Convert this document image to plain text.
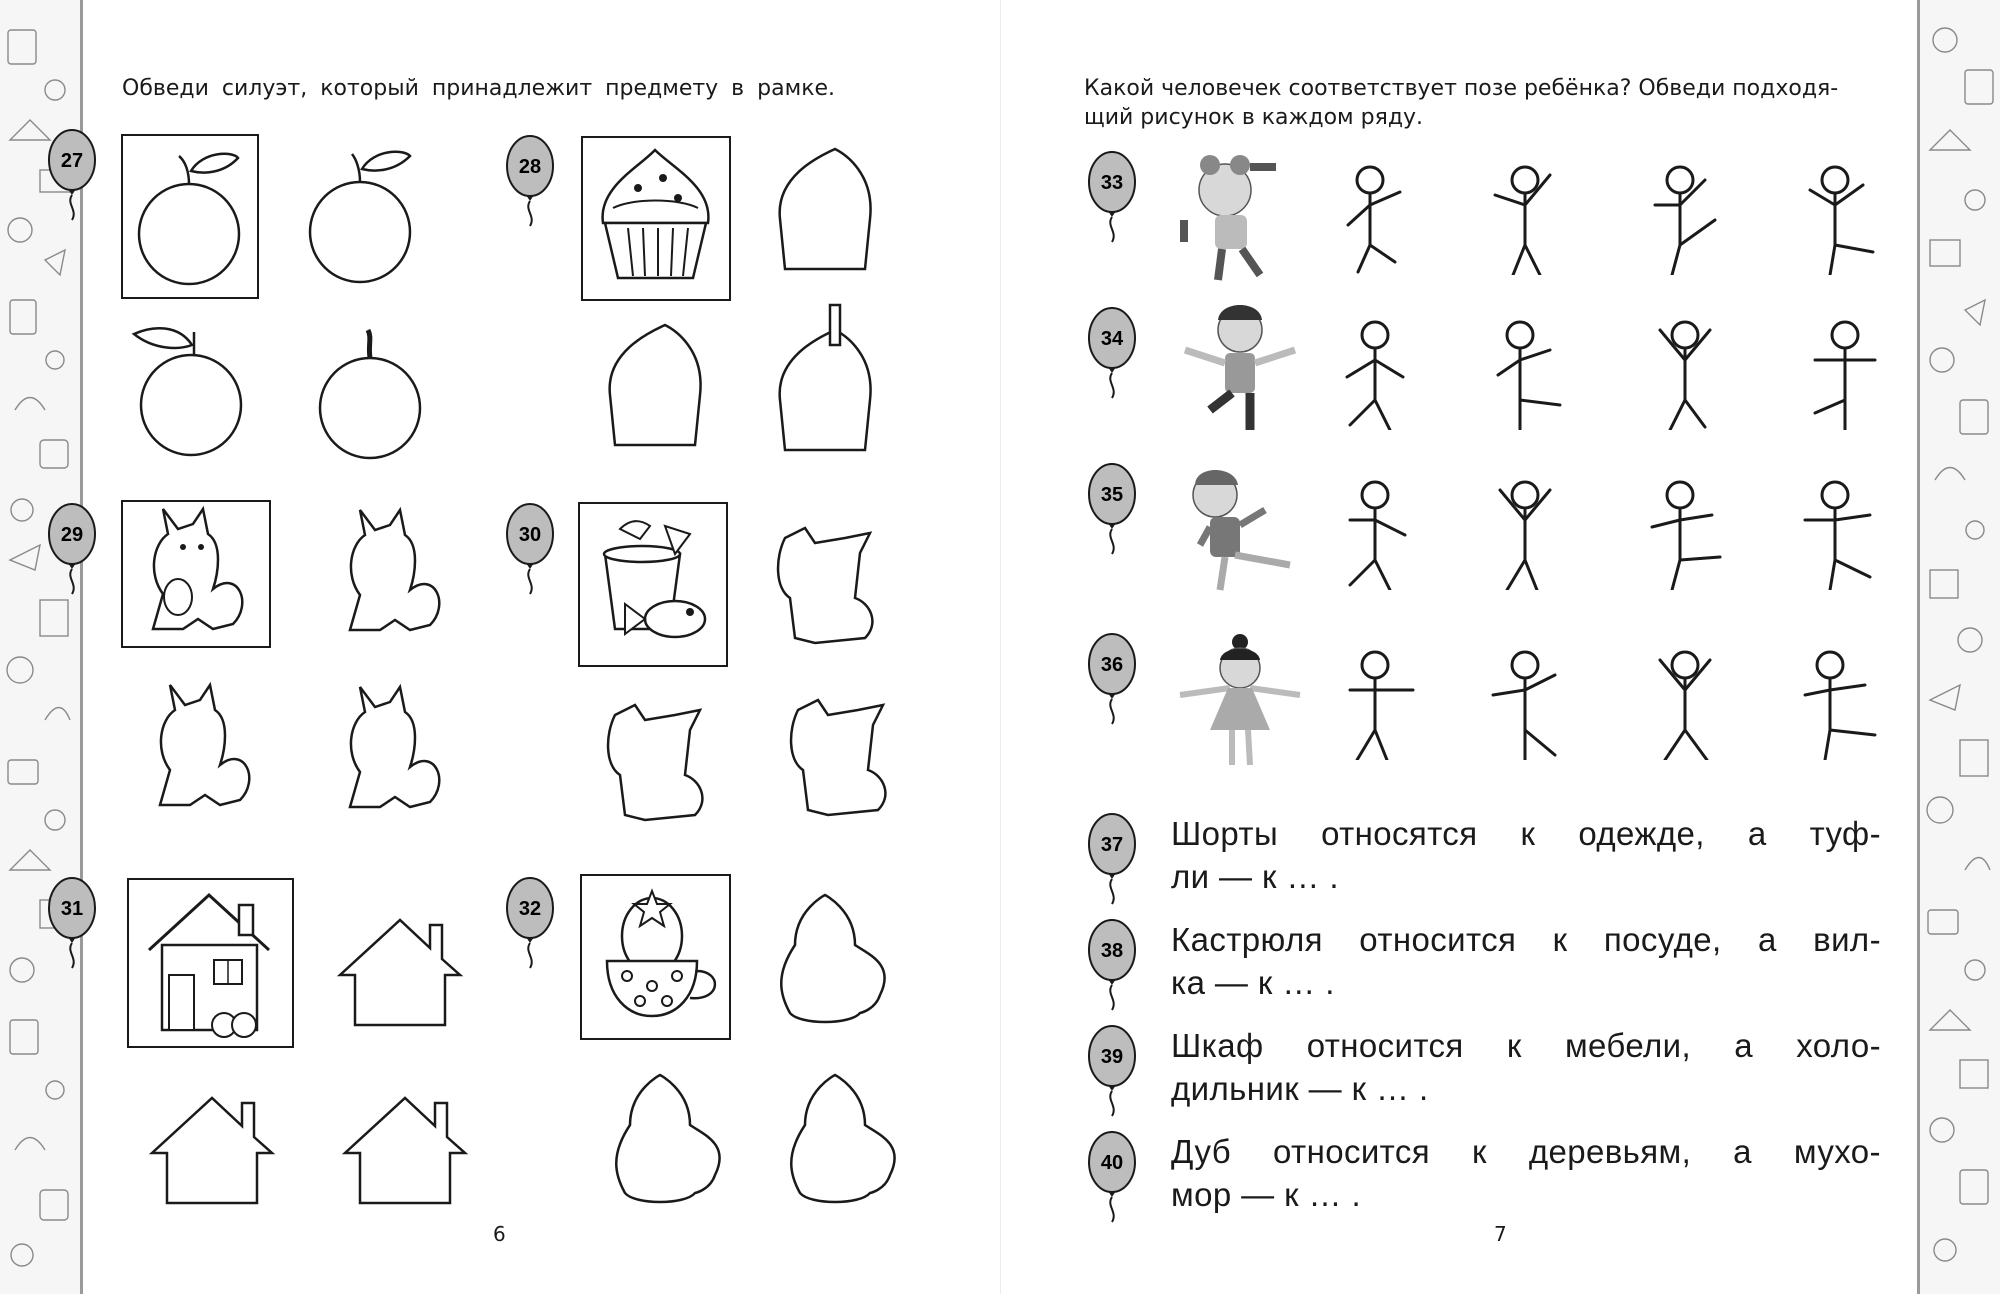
Обведи силуэт, который принадлежит предмету в рамке.
27	28
29	30
31	32
6
Какой человечек соответствует позе ребёнка? Обведи подходя-
щий рисунок в каждом ряду.
33
34
35
36
37 Шорты относятся к одежде, а туф-
ли — к … .
38 Кастрюля относится к посуде, а вил-
ка — к … .
39 Шкаф относится к мебели, а холо-
дильник — к … .
40 Дуб относится к деревьям, а мухо-
мор — к … .
7
